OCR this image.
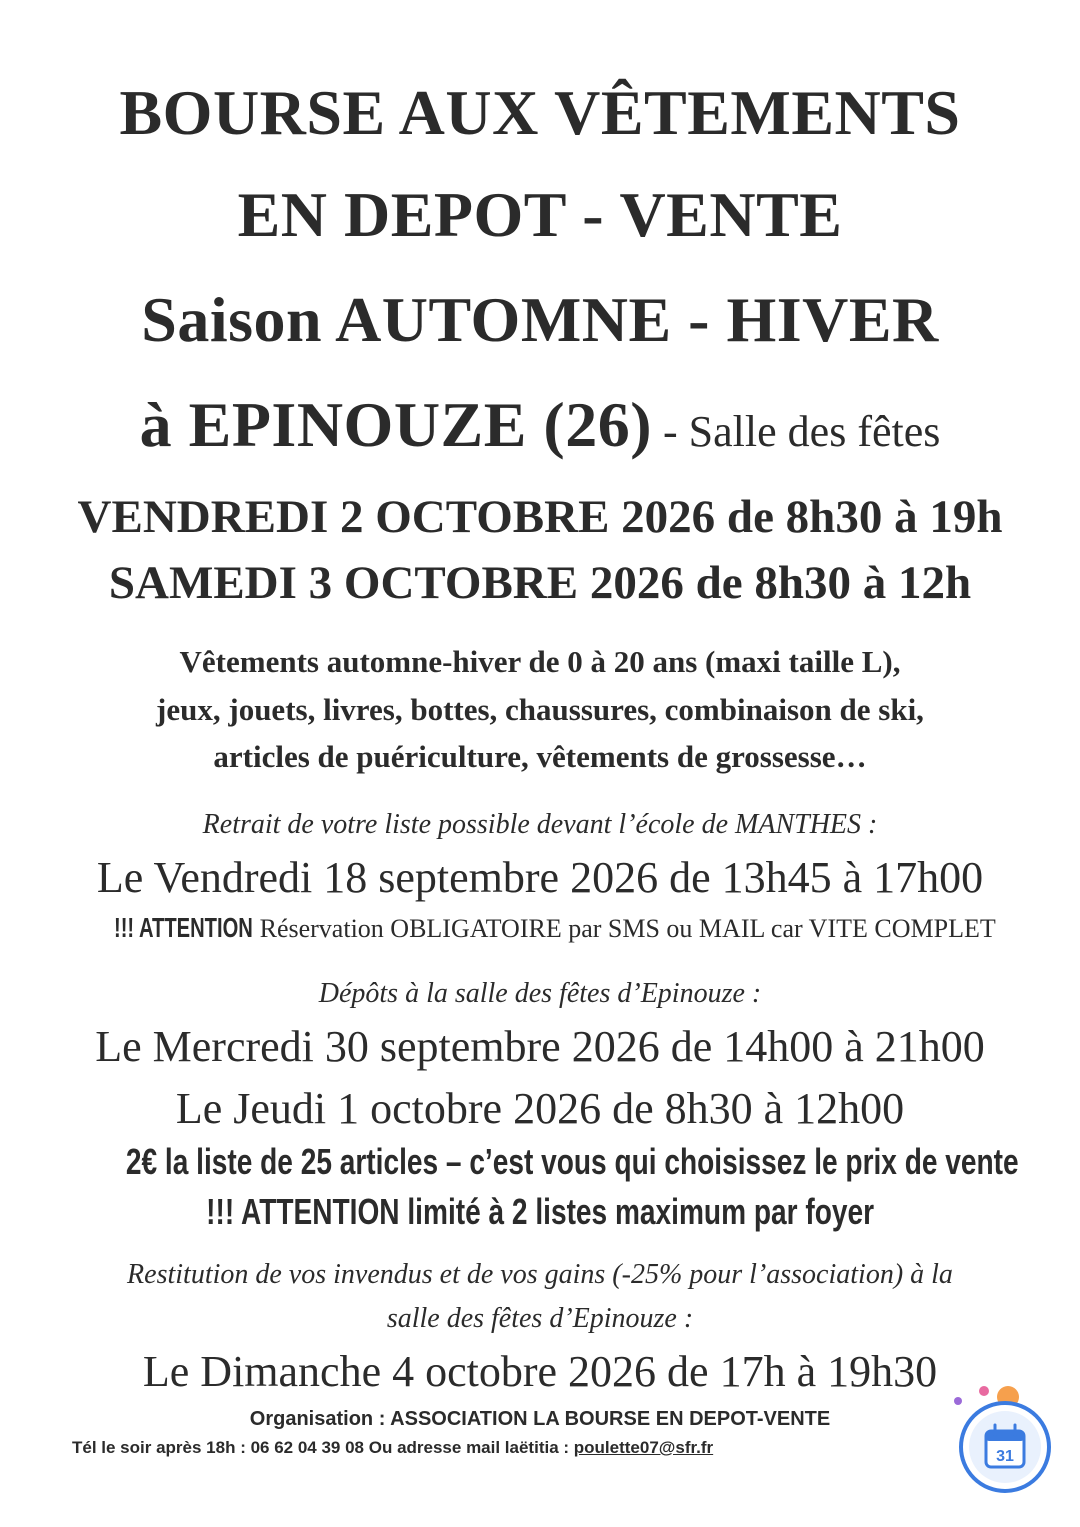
BOURSE AUX VÊTEMENTS
EN DEPOT - VENTE
Saison AUTOMNE - HIVER
à EPINOUZE (26) - Salle des fêtes
VENDREDI 2 OCTOBRE 2026 de 8h30 à 19h
SAMEDI 3 OCTOBRE 2026 de 8h30 à 12h
Vêtements automne-hiver de 0 à 20 ans (maxi taille L),
jeux, jouets, livres, bottes, chaussures, combinaison de ski,
articles de puériculture, vêtements de grossesse…
Retrait de votre liste possible devant l’école de MANTHES :
Le Vendredi 18 septembre 2026 de 13h45 à 17h00
!!! ATTENTION Réservation OBLIGATOIRE par SMS ou MAIL car VITE COMPLET
Dépôts à la salle des fêtes d’Epinouze :
Le Mercredi 30 septembre 2026 de 14h00 à 21h00
Le Jeudi 1 octobre 2026 de 8h30 à 12h00
2€ la liste de 25 articles – c’est vous qui choisissez le prix de vente
!!! ATTENTION limité à 2 listes maximum par foyer
Restitution de vos invendus et de vos gains (-25% pour l’association) à la
salle des fêtes d’Epinouze :
Le Dimanche 4 octobre 2026 de 17h à 19h30
Organisation : ASSOCIATION LA BOURSE EN DEPOT-VENTE
Tél le soir après 18h : 06 62 04 39 08 Ou adresse mail laëtitia : poulette07@sfr.fr	31
